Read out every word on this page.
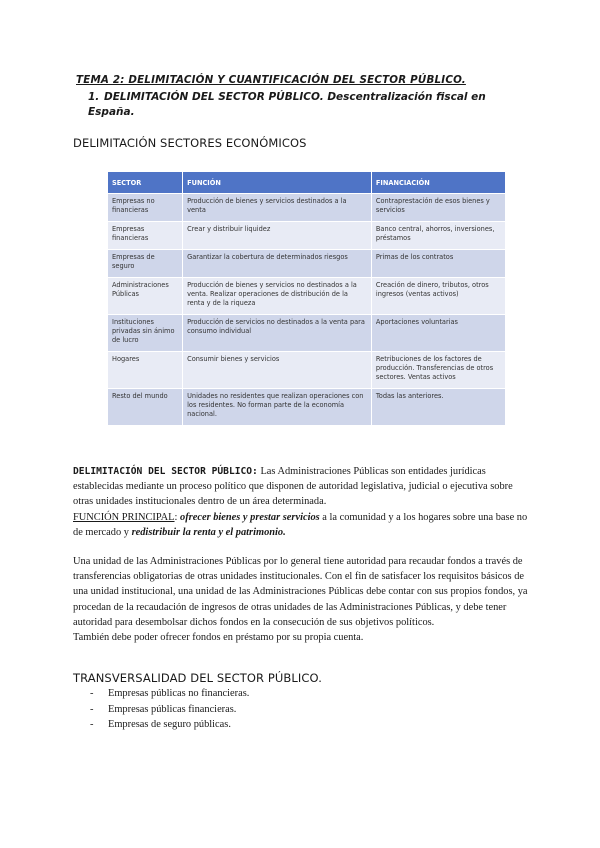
TEMA 2: DELIMITACIÓN Y CUANTIFICACIÓN DEL SECTOR PÚBLICO.
1. DELIMITACIÓN DEL SECTOR PÚBLICO. Descentralización fiscal en España.
DELIMITACIÓN SECTORES ECONÓMICOS
SECTOR	FUNCIÓN	FINANCIACIÓN
Empresas no financieras	Producción de bienes y servicios destinados a la venta	Contraprestación de esos bienes y servicios
Empresas financieras	Crear y distribuir liquidez	Banco central, ahorros, inversiones, préstamos
Empresas de seguro	Garantizar la cobertura de determinados riesgos	Primas de los contratos
Administraciones Públicas	Producción de bienes y servicios no destinados a la venta. Realizar operaciones de distribución de la renta y de la riqueza	Creación de dinero, tributos, otros ingresos (ventas activos)
Instituciones privadas sin ánimo de lucro	Producción de servicios no destinados a la venta para consumo individual	Aportaciones voluntarias
Hogares	Consumir bienes y servicios	Retribuciones de los factores de producción. Transferencias de otros sectores. Ventas activos
Resto del mundo	Unidades no residentes que realizan operaciones con los residentes. No forman parte de la economía nacional.	Todas las anteriores.
DELIMITACIÓN DEL SECTOR PÚBLICO: Las Administraciones Públicas son entidades jurídicas establecidas mediante un proceso político que disponen de autoridad legislativa, judicial o ejecutiva sobre otras unidades institucionales dentro de un área determinada.
FUNCIÓN PRINCIPAL: ofrecer bienes y prestar servicios a la comunidad y a los hogares sobre una base no de mercado y redistribuir la renta y el patrimonio.
Una unidad de las Administraciones Públicas por lo general tiene autoridad para recaudar fondos a través de transferencias obligatorias de otras unidades institucionales. Con el fin de satisfacer los requisitos básicos de una unidad institucional, una unidad de las Administraciones Públicas debe contar con sus propios fondos, ya procedan de la recaudación de ingresos de otras unidades de las Administraciones Públicas, y debe tener autoridad para desembolsar dichos fondos en la consecución de sus objetivos políticos.
También debe poder ofrecer fondos en préstamo por su propia cuenta.
TRANSVERSALIDAD DEL SECTOR PÚBLICO.
- Empresas públicas no financieras.
- Empresas públicas financieras.
- Empresas de seguro públicas.
